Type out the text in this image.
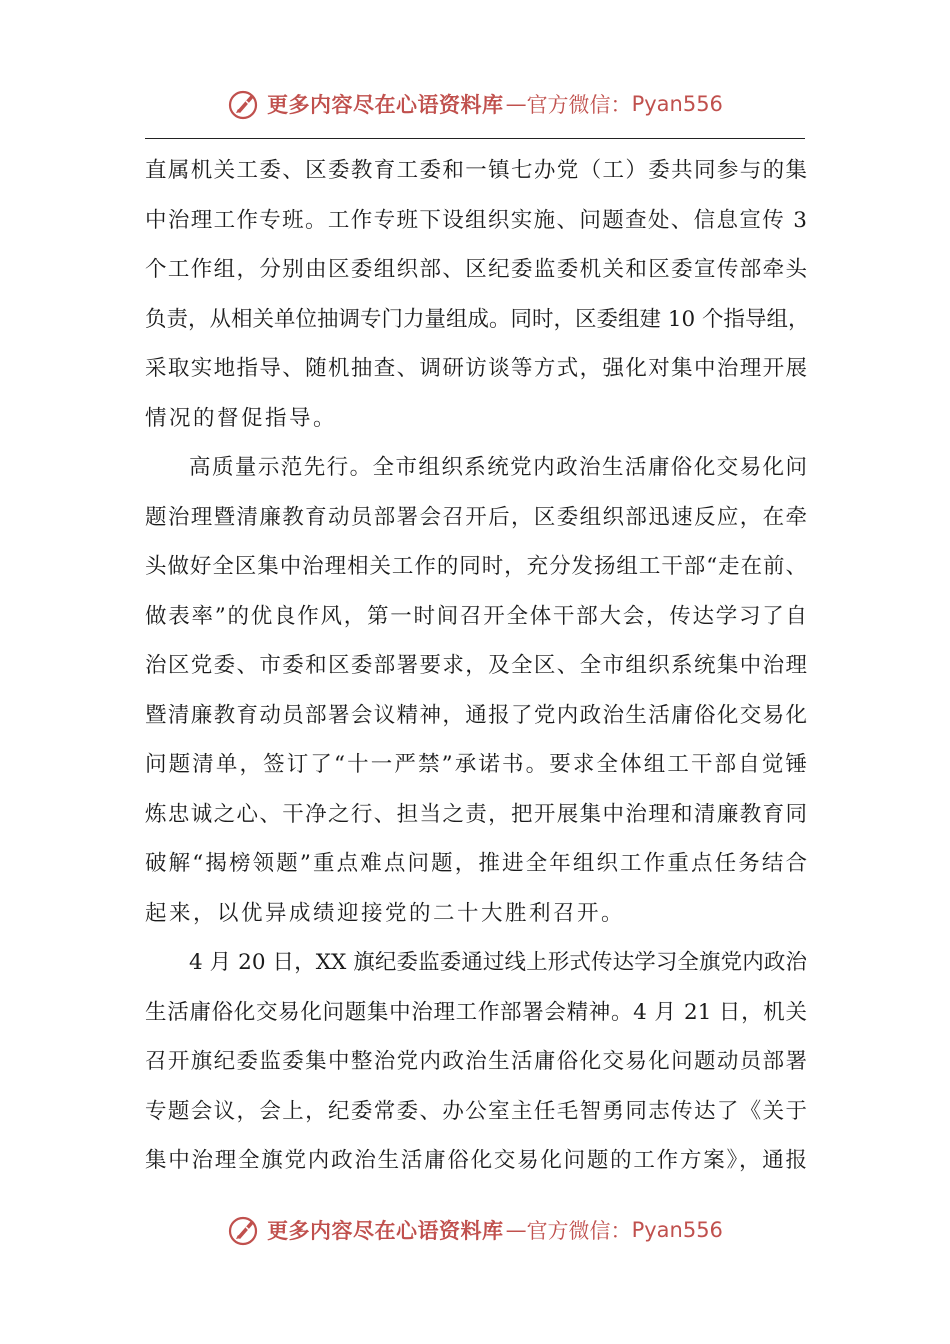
更多内容尽在心语资料库 — 官方微信： Pyan556
直属机关工委、区委教育工委和一镇七办党（工）委共同参与的集
中治理工作专班。工作专班下设组织实施、问题查处、信息宣传 3
个工作组，分别由区委组织部、区纪委监委机关和区委宣传部牵头
负责，从相关单位抽调专门力量组成。同时，区委组建 10 个指导组，
采取实地指导、随机抽查、调研访谈等方式，强化对集中治理开展
情况的督促指导。
高质量示范先行。全市组织系统党内政治生活庸俗化交易化问
题治理暨清廉教育动员部署会召开后，区委组织部迅速反应，在牵
头做好全区集中治理相关工作的同时，充分发扬组工干部“走在前、
做表率”的优良作风，第一时间召开全体干部大会，传达学习了自
治区党委、市委和区委部署要求，及全区、全市组织系统集中治理
暨清廉教育动员部署会议精神，通报了党内政治生活庸俗化交易化
问题清单，签订了“十一严禁”承诺书。要求全体组工干部自觉锤
炼忠诚之心、干净之行、担当之责，把开展集中治理和清廉教育同
破解“揭榜领题”重点难点问题，推进全年组织工作重点任务结合
起来，以优异成绩迎接党的二十大胜利召开。
4 月 20 日，XX 旗纪委监委通过线上形式传达学习全旗党内政治
生活庸俗化交易化问题集中治理工作部署会精神。4 月 21 日，机关
召开旗纪委监委集中整治党内政治生活庸俗化交易化问题动员部署
专题会议，会上，纪委常委、办公室主任毛智勇同志传达了《关于
集中治理全旗党内政治生活庸俗化交易化问题的工作方案》，通报
更多内容尽在心语资料库 — 官方微信： Pyan556
